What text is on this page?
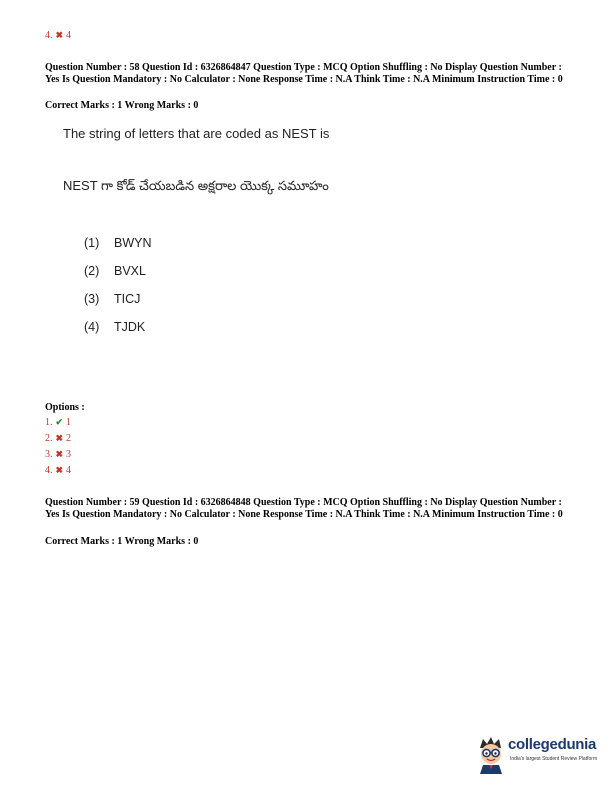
4. ✖ 4
Question Number : 58 Question Id : 6326864847 Question Type : MCQ Option Shuffling : No Display Question Number : Yes Is Question Mandatory : No Calculator : None Response Time : N.A Think Time : N.A Minimum Instruction Time : 0
Correct Marks : 1 Wrong Marks : 0
The string of letters that are coded as NEST is
NEST గా కోడ్ చేయబడిన అక్షరాల యొక్క సమూహం
(1) BWYN
(2) BVXL
(3) TICJ
(4) TJDK
Options :
1. ✔ 1
2. ✖ 2
3. ✖ 3
4. ✖ 4
Question Number : 59 Question Id : 6326864848 Question Type : MCQ Option Shuffling : No Display Question Number : Yes Is Question Mandatory : No Calculator : None Response Time : N.A Think Time : N.A Minimum Instruction Time : 0
Correct Marks : 1 Wrong Marks : 0
collegedunia
India's largest Student Review Platform
